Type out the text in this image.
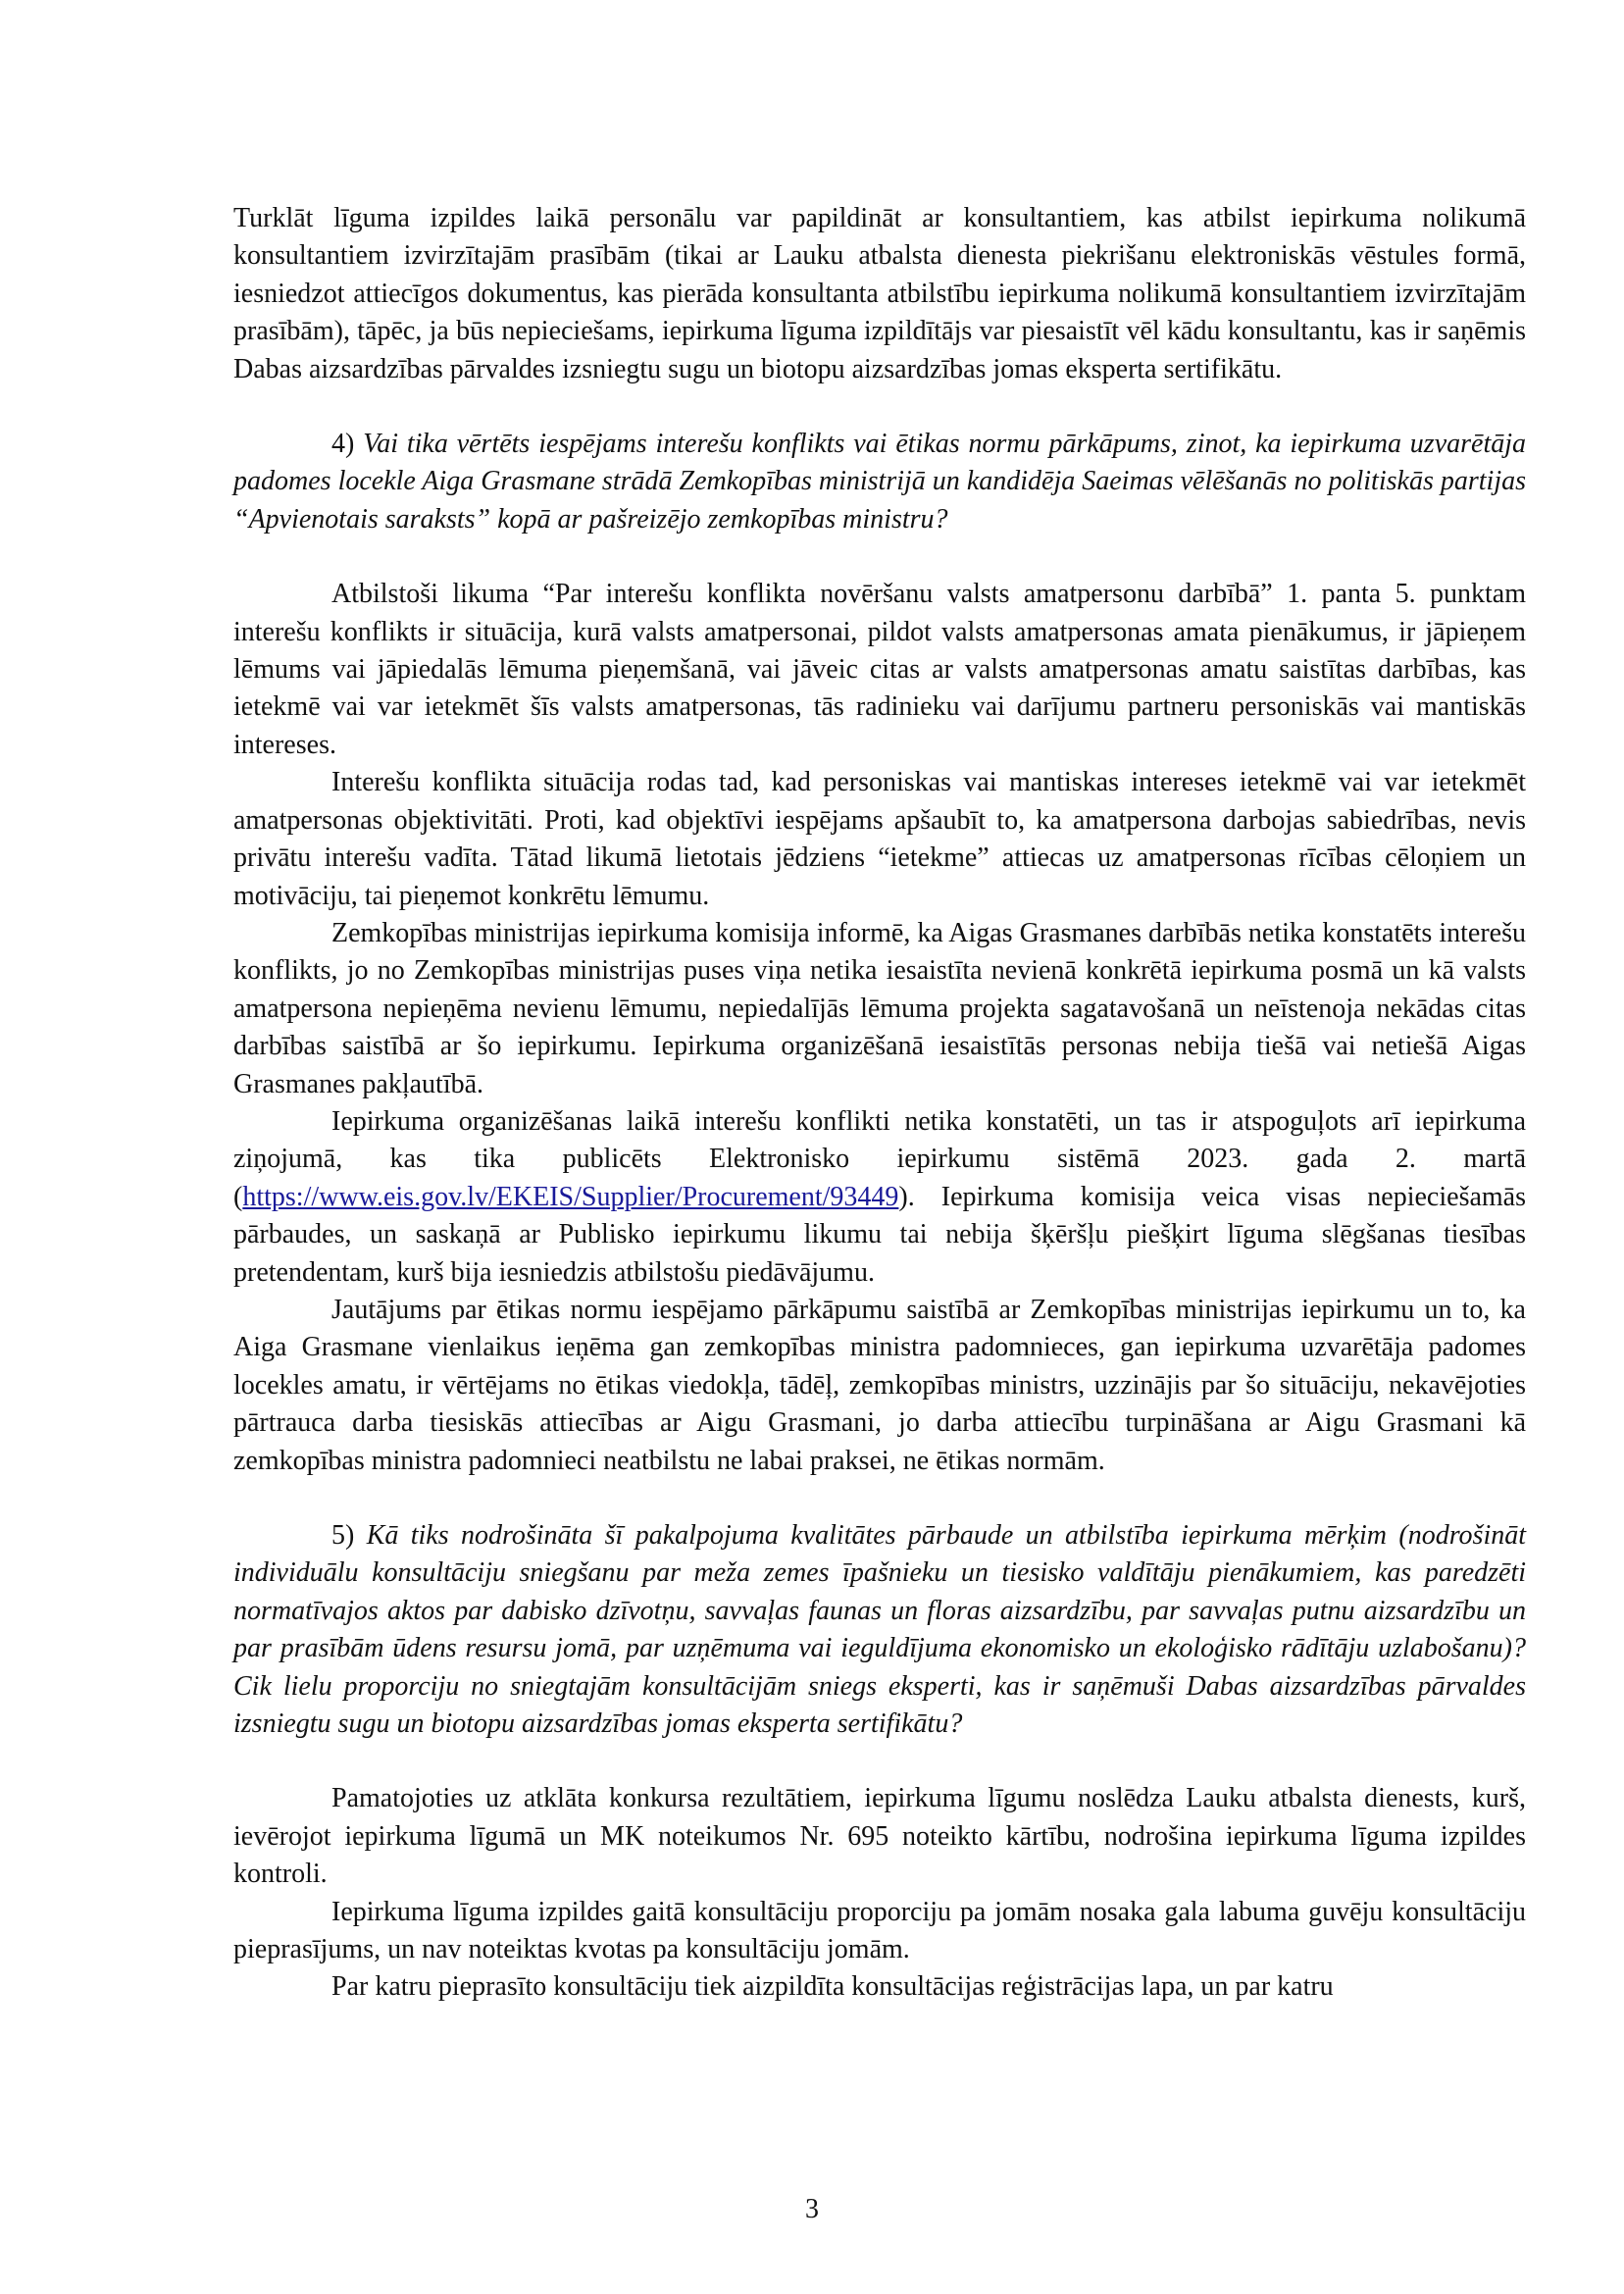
Turklāt līguma izpildes laikā personālu var papildināt ar konsultantiem, kas atbilst iepirkuma nolikumā konsultantiem izvirzītajām prasībām (tikai ar Lauku atbalsta dienesta piekrišanu elektroniskās vēstules formā, iesniedzot attiecīgos dokumentus, kas pierāda konsultanta atbilstību iepirkuma nolikumā konsultantiem izvirzītajām prasībām), tāpēc, ja būs nepieciešams, iepirkuma līguma izpildītājs var piesaistīt vēl kādu konsultantu, kas ir saņēmis Dabas aizsardzības pārvaldes izsniegtu sugu un biotopu aizsardzības jomas eksperta sertifikātu.

4) Vai tika vērtēts iespējams interešu konflikts vai ētikas normu pārkāpums, zinot, ka iepirkuma uzvarētāja padomes locekle Aiga Grasmane strādā Zemkopības ministrijā un kandidēja Saeimas vēlēšanās no politiskās partijas “Apvienotais saraksts” kopā ar pašreizējo zemkopības ministru?

Atbilstoši likuma “Par interešu konflikta novēršanu valsts amatpersonu darbībā” 1. panta 5. punktam interešu konflikts ir situācija, kurā valsts amatpersonai, pildot valsts amatpersonas amata pienākumus, ir jāpieņem lēmums vai jāpiedalās lēmuma pieņemšanā, vai jāveic citas ar valsts amatpersonas amatu saistītas darbības, kas ietekmē vai var ietekmēt šīs valsts amatpersonas, tās radinieku vai darījumu partneru personiskās vai mantiskās intereses.

Interešu konflikta situācija rodas tad, kad personiskas vai mantiskas intereses ietekmē vai var ietekmēt amatpersonas objektivitāti. Proti, kad objektīvi iespējams apšaubīt to, ka amatpersona darbojas sabiedrības, nevis privātu interešu vadīta. Tātad likumā lietotais jēdziens “ietekme” attiecas uz amatpersonas rīcības cēloņiem un motivāciju, tai pieņemot konkrētu lēmumu.

Zemkopības ministrijas iepirkuma komisija informē, ka Aigas Grasmanes darbībās netika konstatēts interešu konflikts, jo no Zemkopības ministrijas puses viņa netika iesaistīta nevienā konkrētā iepirkuma posmā un kā valsts amatpersona nepieņēma nevienu lēmumu, nepiedalījās lēmuma projekta sagatavošanā un neīstenoja nekādas citas darbības saistībā ar šo iepirkumu. Iepirkuma organizēšanā iesaistītās personas nebija tiešā vai netiešā Aigas Grasmanes pakļautībā.

Iepirkuma organizēšanas laikā interešu konflikti netika konstatēti, un tas ir atspoguļots arī iepirkuma ziņojumā, kas tika publicēts Elektronisko iepirkumu sistēmā 2023. gada 2. martā (https://www.eis.gov.lv/EKEIS/Supplier/Procurement/93449). Iepirkuma komisija veica visas nepieciešamās pārbaudes, un saskaņā ar Publisko iepirkumu likumu tai nebija šķēršļu piešķirt līguma slēgšanas tiesības pretendentam, kurš bija iesniedzis atbilstošu piedāvājumu.

Jautājums par ētikas normu iespējamo pārkāpumu saistībā ar Zemkopības ministrijas iepirkumu un to, ka Aiga Grasmane vienlaikus ieņēma gan zemkopības ministra padomnieces, gan iepirkuma uzvarētāja padomes locekles amatu, ir vērtējams no ētikas viedokļa, tādēļ, zemkopības ministrs, uzzinājis par šo situāciju, nekavējoties pārtrauca darba tiesiskās attiecības ar Aigu Grasmani, jo darba attiecību turpināšana ar Aigu Grasmani kā zemkopības ministra padomnieci neatbilstu ne labai praksei, ne ētikas normām.

5) Kā tiks nodrošināta šī pakalpojuma kvalitātes pārbaude un atbilstība iepirkuma mērķim (nodrošināt individuālu konsultāciju sniegšanu par meža zemes īpašnieku un tiesisko valdītāju pienākumiem, kas paredzēti normatīvajos aktos par dabisko dzīvotņu, savvaļas faunas un floras aizsardzību, par savvaļas putnu aizsardzību un par prasībām ūdens resursu jomā, par uzņēmuma vai ieguldījuma ekonomisko un ekoloģisko rādītāju uzlabošanu)? Cik lielu proporciju no sniegtajām konsultācijām sniegs eksperti, kas ir saņēmuši Dabas aizsardzības pārvaldes izsniegtu sugu un biotopu aizsardzības jomas eksperta sertifikātu?

Pamatojoties uz atklāta konkursa rezultātiem, iepirkuma līgumu noslēdza Lauku atbalsta dienests, kurš, ievērojot iepirkuma līgumā un MK noteikumos Nr. 695 noteikto kārtību, nodrošina iepirkuma līguma izpildes kontroli.

Iepirkuma līguma izpildes gaitā konsultāciju proporciju pa jomām nosaka gala labuma guvēju konsultāciju pieprasījums, un nav noteiktas kvotas pa konsultāciju jomām.

Par katru pieprasīto konsultāciju tiek aizpildīta konsultācijas reģistrācijas lapa, un par katru

3
